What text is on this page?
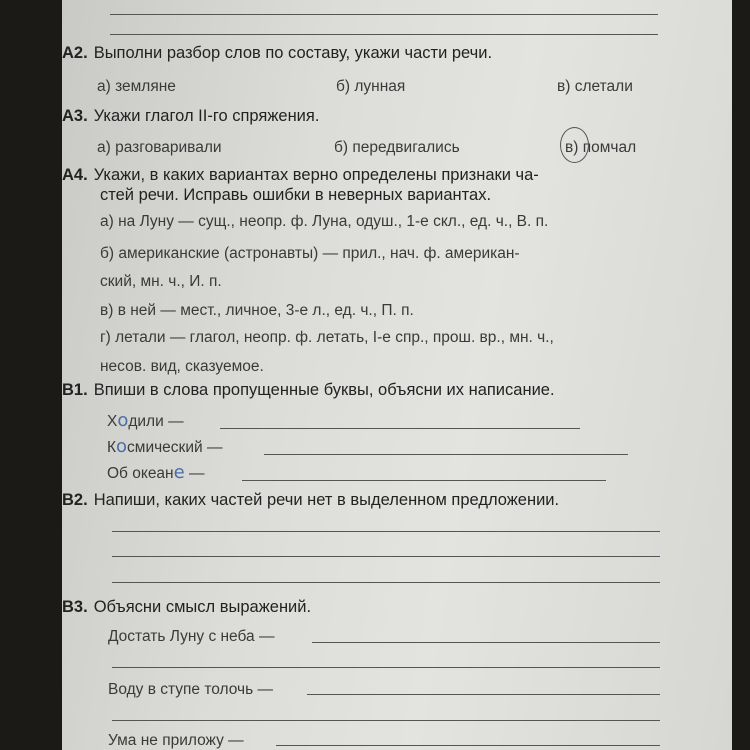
A2. Выполни разбор слов по составу, укажи части речи.
а) земляне	б) лунная	в) слетали
A3. Укажи глагол II-го спряжения.
а) разговаривали	б) передвигались	в) помчал
A4. Укажи, в каких вариантах верно определены признаки ча-
стей речи. Исправь ошибки в неверных вариантах.
а) на Луну — сущ., неопр. ф. Луна, одуш., 1-е скл., ед. ч., В. п.
б) американские (астронавты) — прил., нач. ф. американ-
ский, мн. ч., И. п.
в) в ней — мест., личное, 3-е л., ед. ч., П. п.
г) летали — глагол, неопр. ф. летать, I-е спр., прош. вр., мн. ч.,
несов. вид, сказуемое.
B1. Впиши в слова пропущенные буквы, объясни их написание.
Ходили —
Космический —
Об океане —
B2. Напиши, каких частей речи нет в выделенном предложении.
B3. Объясни смысл выражений.
Достать Луну с неба —
Воду в ступе толочь —
Ума не приложу —
